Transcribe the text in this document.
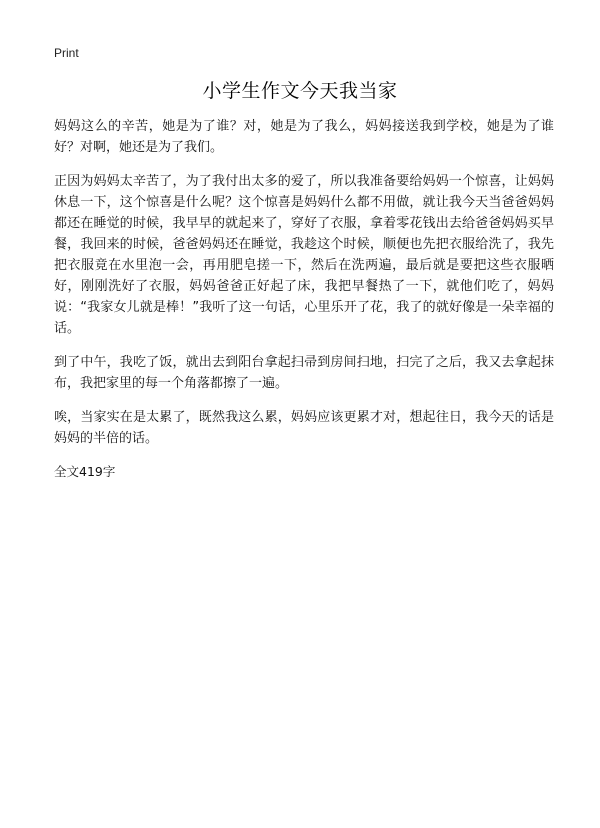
Print
小学生作文今天我当家

妈妈这么的辛苦，她是为了谁？对，她是为了我么，妈妈接送我到学校，她是为了谁好？对啊，她还是为了我们。

正因为妈妈太辛苦了，为了我付出太多的爱了，所以我准备要给妈妈一个惊喜，让妈妈休息一下，这个惊喜是什么呢？这个惊喜是妈妈什么都不用做，就让我今天当爸爸妈妈都还在睡觉的时候，我早早的就起来了，穿好了衣服，拿着零花钱出去给爸爸妈妈买早餐，我回来的时候，爸爸妈妈还在睡觉，我趁这个时候，顺便也先把衣服给洗了，我先把衣服竟在水里泡一会，再用肥皂搓一下，然后在洗两遍，最后就是要把这些衣服晒好，刚刚洗好了衣服，妈妈爸爸正好起了床，我把早餐热了一下，就他们吃了，妈妈说：“我家女儿就是棒！”我听了这一句话，心里乐开了花，我了的就好像是一朵幸福的话。

到了中午，我吃了饭，就出去到阳台拿起扫帚到房间扫地，扫完了之后，我又去拿起抹布，我把家里的每一个角落都擦了一遍。

唉，当家实在是太累了，既然我这么累，妈妈应该更累才对，想起往日，我今天的话是妈妈的半倍的话。

全文419字
